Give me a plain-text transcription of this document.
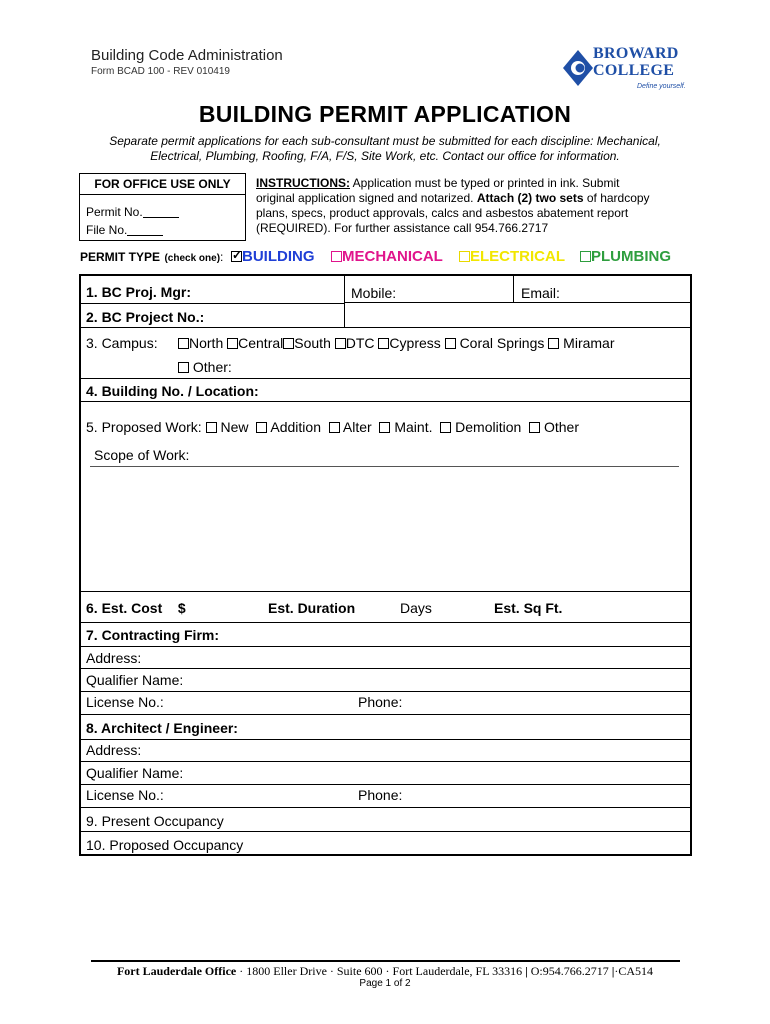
Building Code Administration
Form BCAD 100 - REV 010419
BROWARD
COLLEGE
Define yourself.
BUILDING PERMIT APPLICATION
Separate permit applications for each sub-consultant must be submitted for each discipline: Mechanical,
Electrical, Plumbing, Roofing, F/A, F/S, Site Work, etc. Contact our office for information.
FOR OFFICE USE ONLY
Permit No.
File No.
INSTRUCTIONS: Application must be typed or printed in ink. Submit
original application signed and notarized. Attach (2) two sets of hardcopy
plans, specs, product approvals, calcs and asbestos abatement report
(REQUIRED). For further assistance call 954.766.2717
PERMIT TYPE (check one):
✓	BUILDING	MECHANICAL	ELECTRICAL	PLUMBING
1. BC Proj. Mgr:	Mobile:	Email:
2. BC Project No.:
3. Campus:	North Central South DTC Cypress Coral Springs Miramar
Other:
4. Building No. / Location:
5. Proposed Work: New Addition Alter Maint. Demolition Other
Scope of Work:
6. Est. Cost $	Est. Duration	Days	Est. Sq Ft.
7. Contracting Firm:
Address:
Qualifier Name:
License No.:	Phone:
8. Architect / Engineer:
Address:
Qualifier Name:
License No.:	Phone:
9. Present Occupancy
10. Proposed Occupancy
Fort Lauderdale Office · 1800 Eller Drive · Suite 600 · Fort Lauderdale, FL 33316 | O:954.766.2717 |·CA514
Page 1 of 2
